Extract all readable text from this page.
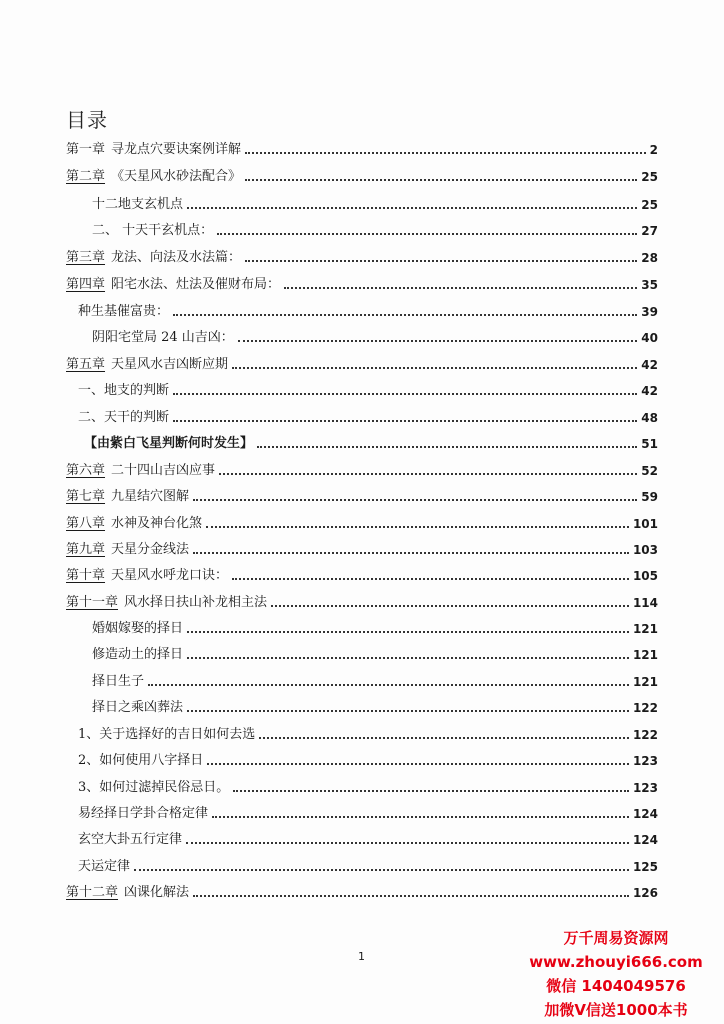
目录
第一章 寻龙点穴要诀案例详解	2
第二章 《天星风水砂法配合》	25
十二地支玄机点	25
二、 十天干玄机点：	27
第三章 龙法、向法及水法篇：	28
第四章 阳宅水法、灶法及催财布局：	35
种生基催富贵：	39
阴阳宅堂局 24 山吉凶：	40
第五章 天星风水吉凶断应期	42
一、地支的判断	42
二、天干的判断	48
【由紫白飞星判断何时发生】	51
第六章 二十四山吉凶应事	52
第七章 九星结穴图解	59
第八章 水神及神台化煞	101
第九章 天星分金线法	103
第十章 天星风水呼龙口诀：	105
第十一章 风水择日扶山补龙相主法	114
婚姻嫁娶的择日	121
修造动土的择日	121
择日生子	121
择日之乘凶葬法	122
1、关于选择好的吉日如何去选	122
2、如何使用八字择日	123
3、如何过滤掉民俗忌日。	123
易经择日学卦合格定律	124
玄空大卦五行定律	124
天运定律	125
第十二章 凶课化解法	126
1
万千周易资源网
www.zhouyi666.com
微信 1404049576
加微V信送1000本书
